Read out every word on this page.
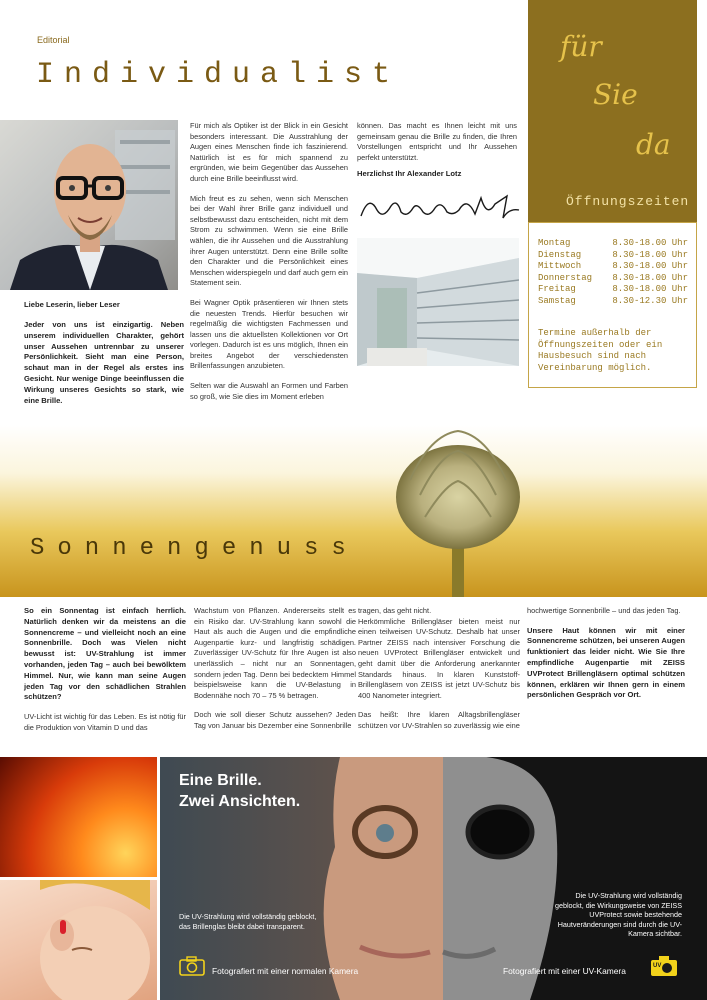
Editorial
Individualist
Liebe Leserin, lieber Leser
Jeder von uns ist einzigartig. Neben unserem individuellen Charakter, gehört unser Aussehen untrennbar zu unserer Persönlichkeit. Sieht man eine Person, schaut man in der Regel als erstes ins Gesicht. Nur wenige Dinge beeinflussen die Wirkung unseres Gesichts so stark, wie eine Brille.

Für mich als Optiker ist der Blick in ein Gesicht besonders interessant. Die Ausstrahlung der Augen eines Menschen finde ich faszinierend. Natürlich ist es für mich spannend zu ergründen, wie beim Gegenüber das Aussehen durch eine Brille beeinflusst wird.

Mich freut es zu sehen, wenn sich Menschen bei der Wahl ihrer Brille ganz individuell und selbstbewusst dazu entscheiden, nicht mit dem Strom zu schwimmen. Wenn sie eine Brille wählen, die ihr Aussehen und die Ausstrahlung ihrer Augen unterstützt. Denn eine Brille sollte den Charakter und die Persönlichkeit eines Menschen widerspiegeln und darf auch gern ein Statement sein.

Bei Wagner Optik präsentieren wir Ihnen stets die neuesten Trends. Hierfür besuchen wir regelmäßig die wichtigsten Fachmessen und lassen uns die aktuellsten Kollektionen vor Ort vorlegen. Dadurch ist es uns möglich, Ihnen ein breites Angebot der verschiedensten Brillenfassungen anzubieten.

Selten war die Auswahl an Formen und Farben so groß, wie Sie dies im Moment erleben

können. Das macht es Ihnen leicht mit uns gemeinsam genau die Brille zu finden, die Ihren Vorstellungen entspricht und Ihr Aussehen perfekt unterstützt.

Herzlichst Ihr Alexander Lotz
für
Sie
da
Öffnungszeiten
Montag	8.30-18.00 Uhr
Dienstag	8.30-18.00 Uhr
Mittwoch	8.30-18.00 Uhr
Donnerstag 8.30-18.00 Uhr
Freitag	8.30-18.00 Uhr
Samstag	8.30-12.30 Uhr
Termine außerhalb der Öffnungszeiten oder ein Hausbesuch sind nach Vereinbarung möglich.
Sonnengenuss

So ein Sonnentag ist einfach herrlich. Natürlich denken wir da meistens an die Sonnencreme – und vielleicht noch an eine Sonnenbrille. Doch was Vielen nicht bewusst ist: UV-Strahlung ist immer vorhanden, jeden Tag – auch bei bewölktem Himmel. Nur, wie kann man seine Augen jeden Tag vor den schädlichen Strahlen schützen?

UV-Licht ist wichtig für das Leben. Es ist nötig für die Produktion von Vitamin D und das

Wachstum von Pflanzen. Andererseits stellt es ein Risiko dar. UV-Strahlung kann sowohl die Haut als auch die Augen und die empfindliche Augenpartie kurz- und langfristig schädigen. Zuverlässiger UV-Schutz für Ihre Augen ist also unerlässlich – nicht nur an Sonnentagen, sondern jeden Tag. Denn bei bedecktem Himmel beispielsweise kann die UV-Belastung in Bodennähe noch 70 – 75 % betragen.

Doch wie soll dieser Schutz aussehen? Jeden Tag von Januar bis Dezember eine Sonnenbrille

tragen, das geht nicht.

Herkömmliche Brillengläser bieten meist nur einen teilweisen UV-Schutz. Deshalb hat unser Partner ZEISS nach intensiver Forschung die neuen UVProtect Brillengläser entwickelt und geht damit über die Anforderung anerkannter Standards hinaus. In klaren Kunststoff-Brillengläsern von ZEISS ist jetzt UV-Schutz bis 400 Nanometer integriert.

Das heißt: Ihre klaren Alltagsbrillengläser schützen vor UV-Strahlen so zuverlässig wie eine

hochwertige Sonnenbrille – und das jeden Tag.

Unsere Haut können wir mit einer Sonnencreme schützen, bei unseren Augen funktioniert das leider nicht. Wie Sie Ihre empfindliche Augenpartie mit ZEISS UVProtect Brillengläsern optimal schützen können, erklären wir Ihnen gern in einem persönlichen Gespräch vor Ort.

Eine Brille.
Zwei Ansichten.
Die UV-Strahlung wird vollständig geblockt, das Brillenglas bleibt dabei transparent.
Die UV-Strahlung wird vollständig geblockt, die Wirkungsweise von ZEISS UVProtect sowie bestehende Hautveränderungen sind durch die UV-Kamera sichtbar.
Fotografiert mit einer normalen Kamera	Fotografiert mit einer UV-Kamera	UV
